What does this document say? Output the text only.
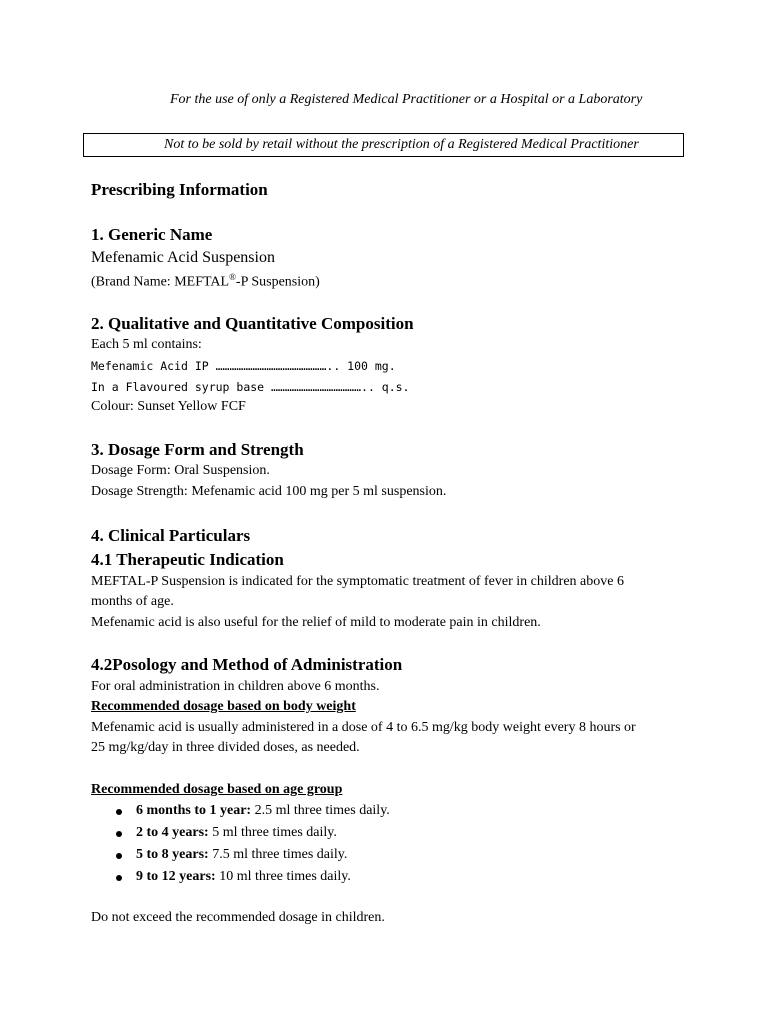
For the use of only a Registered Medical Practitioner or a Hospital or a Laboratory
Not to be sold by retail without the prescription of a Registered Medical Practitioner
Prescribing Information
1. Generic Name
Mefenamic Acid Suspension
(Brand Name: MEFTAL®-P Suspension)
2. Qualitative and Quantitative Composition
Each 5 ml contains:
Mefenamic Acid IP ………………………………………….. 100 mg.
In a Flavoured syrup base ………………………………….. q.s.
Colour: Sunset Yellow FCF
3. Dosage Form and Strength
Dosage Form: Oral Suspension.
Dosage Strength: Mefenamic acid 100 mg per 5 ml suspension.
4. Clinical Particulars
4.1 Therapeutic Indication
MEFTAL-P Suspension is indicated for the symptomatic treatment of fever in children above 6
months of age.
Mefenamic acid is also useful for the relief of mild to moderate pain in children.
4.2Posology and Method of Administration
For oral administration in children above 6 months.
Recommended dosage based on body weight
Mefenamic acid is usually administered in a dose of 4 to 6.5 mg/kg body weight every 8 hours or
25 mg/kg/day in three divided doses, as needed.
Recommended dosage based on age group
6 months to 1 year: 2.5 ml three times daily.
2 to 4 years: 5 ml three times daily.
5 to 8 years: 7.5 ml three times daily.
9 to 12 years: 10 ml three times daily.
Do not exceed the recommended dosage in children.
